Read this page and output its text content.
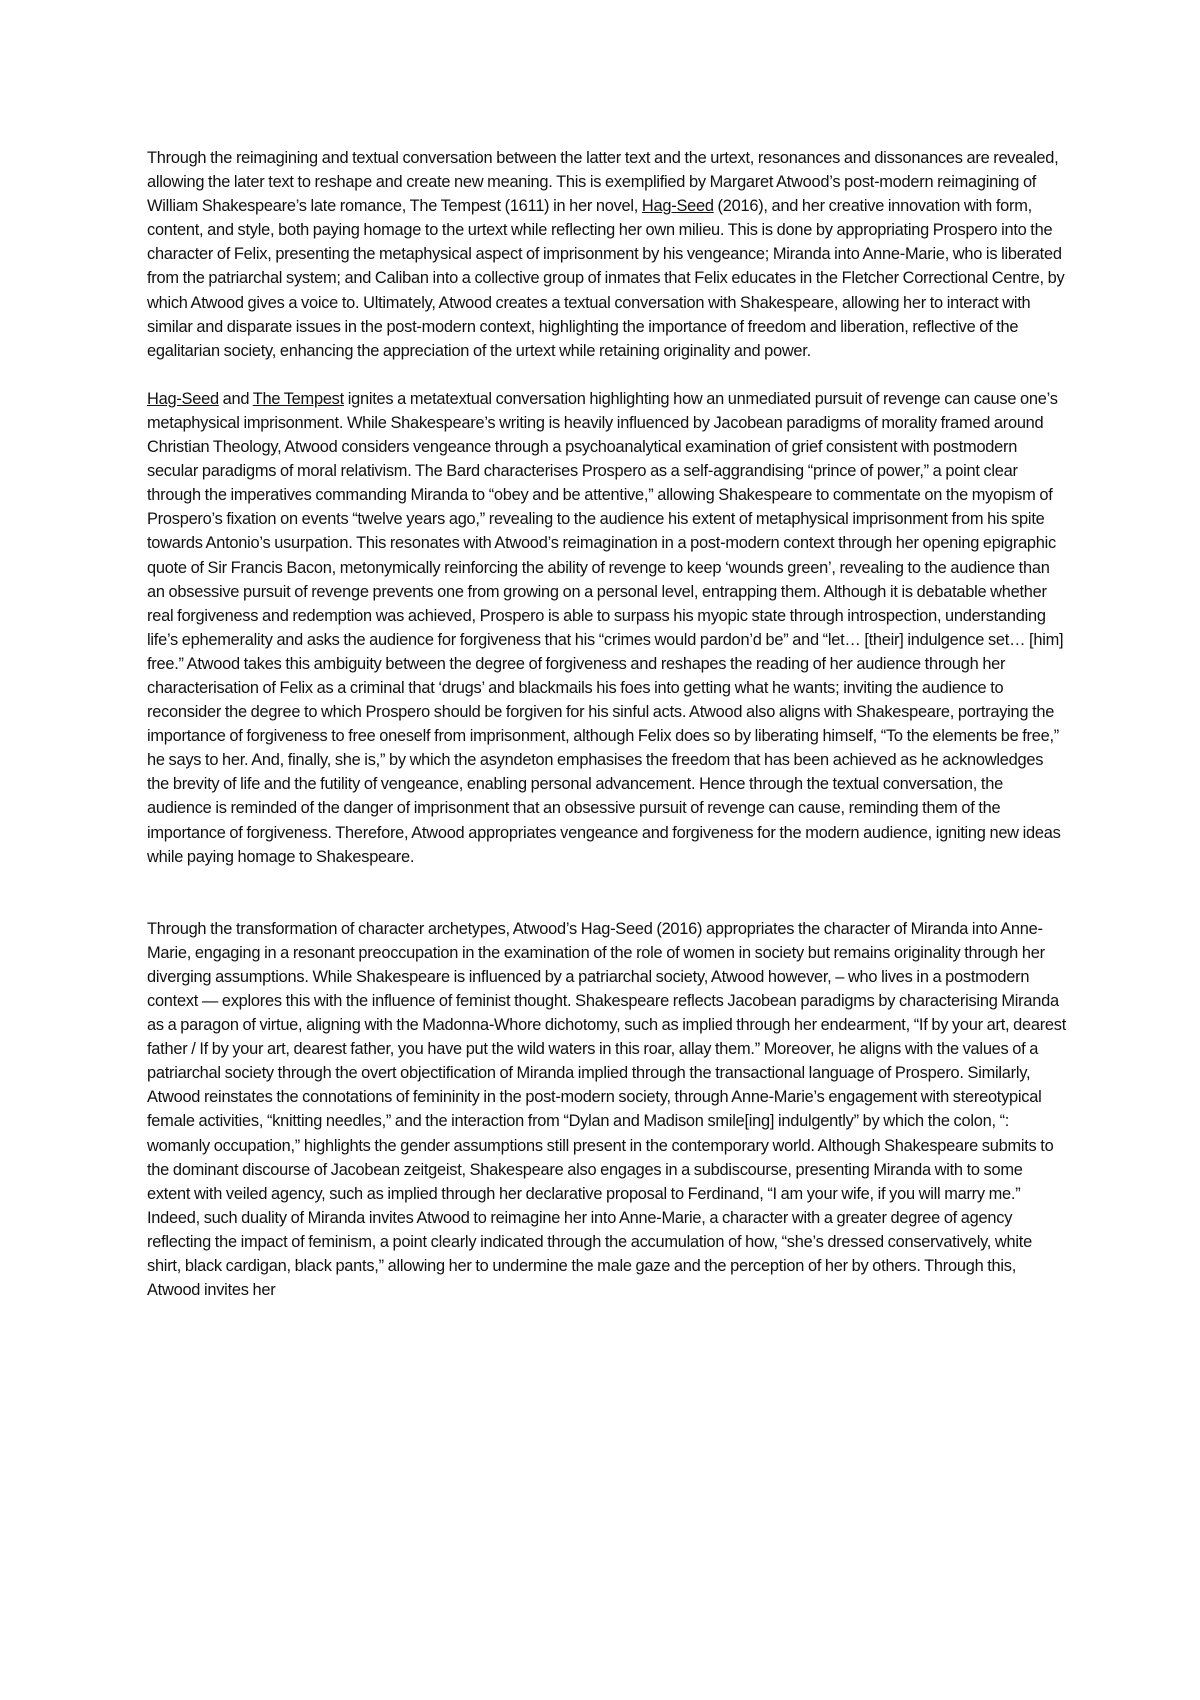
Through the reimagining and textual conversation between the latter text and the urtext, resonances and dissonances are revealed, allowing the later text to reshape and create new meaning. This is exemplified by Margaret Atwood’s post-modern reimagining of William Shakespeare’s late romance, The Tempest (1611) in her novel, Hag-Seed (2016), and her creative innovation with form, content, and style, both paying homage to the urtext while reflecting her own milieu. This is done by appropriating Prospero into the character of Felix, presenting the metaphysical aspect of imprisonment by his vengeance; Miranda into Anne-Marie, who is liberated from the patriarchal system; and Caliban into a collective group of inmates that Felix educates in the Fletcher Correctional Centre, by which Atwood gives a voice to. Ultimately, Atwood creates a textual conversation with Shakespeare, allowing her to interact with similar and disparate issues in the post-modern context, highlighting the importance of freedom and liberation, reflective of the egalitarian society, enhancing the appreciation of the urtext while retaining originality and power.

Hag-Seed and The Tempest ignites a metatextual conversation highlighting how an unmediated pursuit of revenge can cause one’s metaphysical imprisonment. While Shakespeare’s writing is heavily influenced by Jacobean paradigms of morality framed around Christian Theology, Atwood considers vengeance through a psychoanalytical examination of grief consistent with postmodern secular paradigms of moral relativism. The Bard characterises Prospero as a self-aggrandising “prince of power,” a point clear through the imperatives commanding Miranda to “obey and be attentive,” allowing Shakespeare to commentate on the myopism of Prospero’s fixation on events “twelve years ago,” revealing to the audience his extent of metaphysical imprisonment from his spite towards Antonio’s usurpation. This resonates with Atwood’s reimagination in a post-modern context through her opening epigraphic quote of Sir Francis Bacon, metonymically reinforcing the ability of revenge to keep ‘wounds green’, revealing to the audience than an obsessive pursuit of revenge prevents one from growing on a personal level, entrapping them. Although it is debatable whether real forgiveness and redemption was achieved, Prospero is able to surpass his myopic state through introspection, understanding life’s ephemerality and asks the audience for forgiveness that his “crimes would pardon’d be” and “let… [their] indulgence set… [him] free.” Atwood takes this ambiguity between the degree of forgiveness and reshapes the reading of her audience through her characterisation of Felix as a criminal that ‘drugs’ and blackmails his foes into getting what he wants; inviting the audience to reconsider the degree to which Prospero should be forgiven for his sinful acts. Atwood also aligns with Shakespeare, portraying the importance of forgiveness to free oneself from imprisonment, although Felix does so by liberating himself, “To the elements be free,” he says to her. And, finally, she is,” by which the asyndeton emphasises the freedom that has been achieved as he acknowledges the brevity of life and the futility of vengeance, enabling personal advancement. Hence through the textual conversation, the audience is reminded of the danger of imprisonment that an obsessive pursuit of revenge can cause, reminding them of the importance of forgiveness. Therefore, Atwood appropriates vengeance and forgiveness for the modern audience, igniting new ideas while paying homage to Shakespeare.

Through the transformation of character archetypes, Atwood’s Hag-Seed (2016) appropriates the character of Miranda into Anne-Marie, engaging in a resonant preoccupation in the examination of the role of women in society but remains originality through her diverging assumptions. While Shakespeare is influenced by a patriarchal society, Atwood however, – who lives in a postmodern context — explores this with the influence of feminist thought. Shakespeare reflects Jacobean paradigms by characterising Miranda as a paragon of virtue, aligning with the Madonna-Whore dichotomy, such as implied through her endearment, “If by your art, dearest father / If by your art, dearest father, you have put the wild waters in this roar, allay them.” Moreover, he aligns with the values of a patriarchal society through the overt objectification of Miranda implied through the transactional language of Prospero. Similarly, Atwood reinstates the connotations of femininity in the post-modern society, through Anne-Marie’s engagement with stereotypical female activities, “knitting needles,” and the interaction from “Dylan and Madison smile[ing] indulgently” by which the colon, “: womanly occupation,” highlights the gender assumptions still present in the contemporary world. Although Shakespeare submits to the dominant discourse of Jacobean zeitgeist, Shakespeare also engages in a subdiscourse, presenting Miranda with to some extent with veiled agency, such as implied through her declarative proposal to Ferdinand, “I am your wife, if you will marry me.” Indeed, such duality of Miranda invites Atwood to reimagine her into Anne-Marie, a character with a greater degree of agency reflecting the impact of feminism, a point clearly indicated through the accumulation of how, “she’s dressed conservatively, white shirt, black cardigan, black pants,” allowing her to undermine the male gaze and the perception of her by others. Through this, Atwood invites her
